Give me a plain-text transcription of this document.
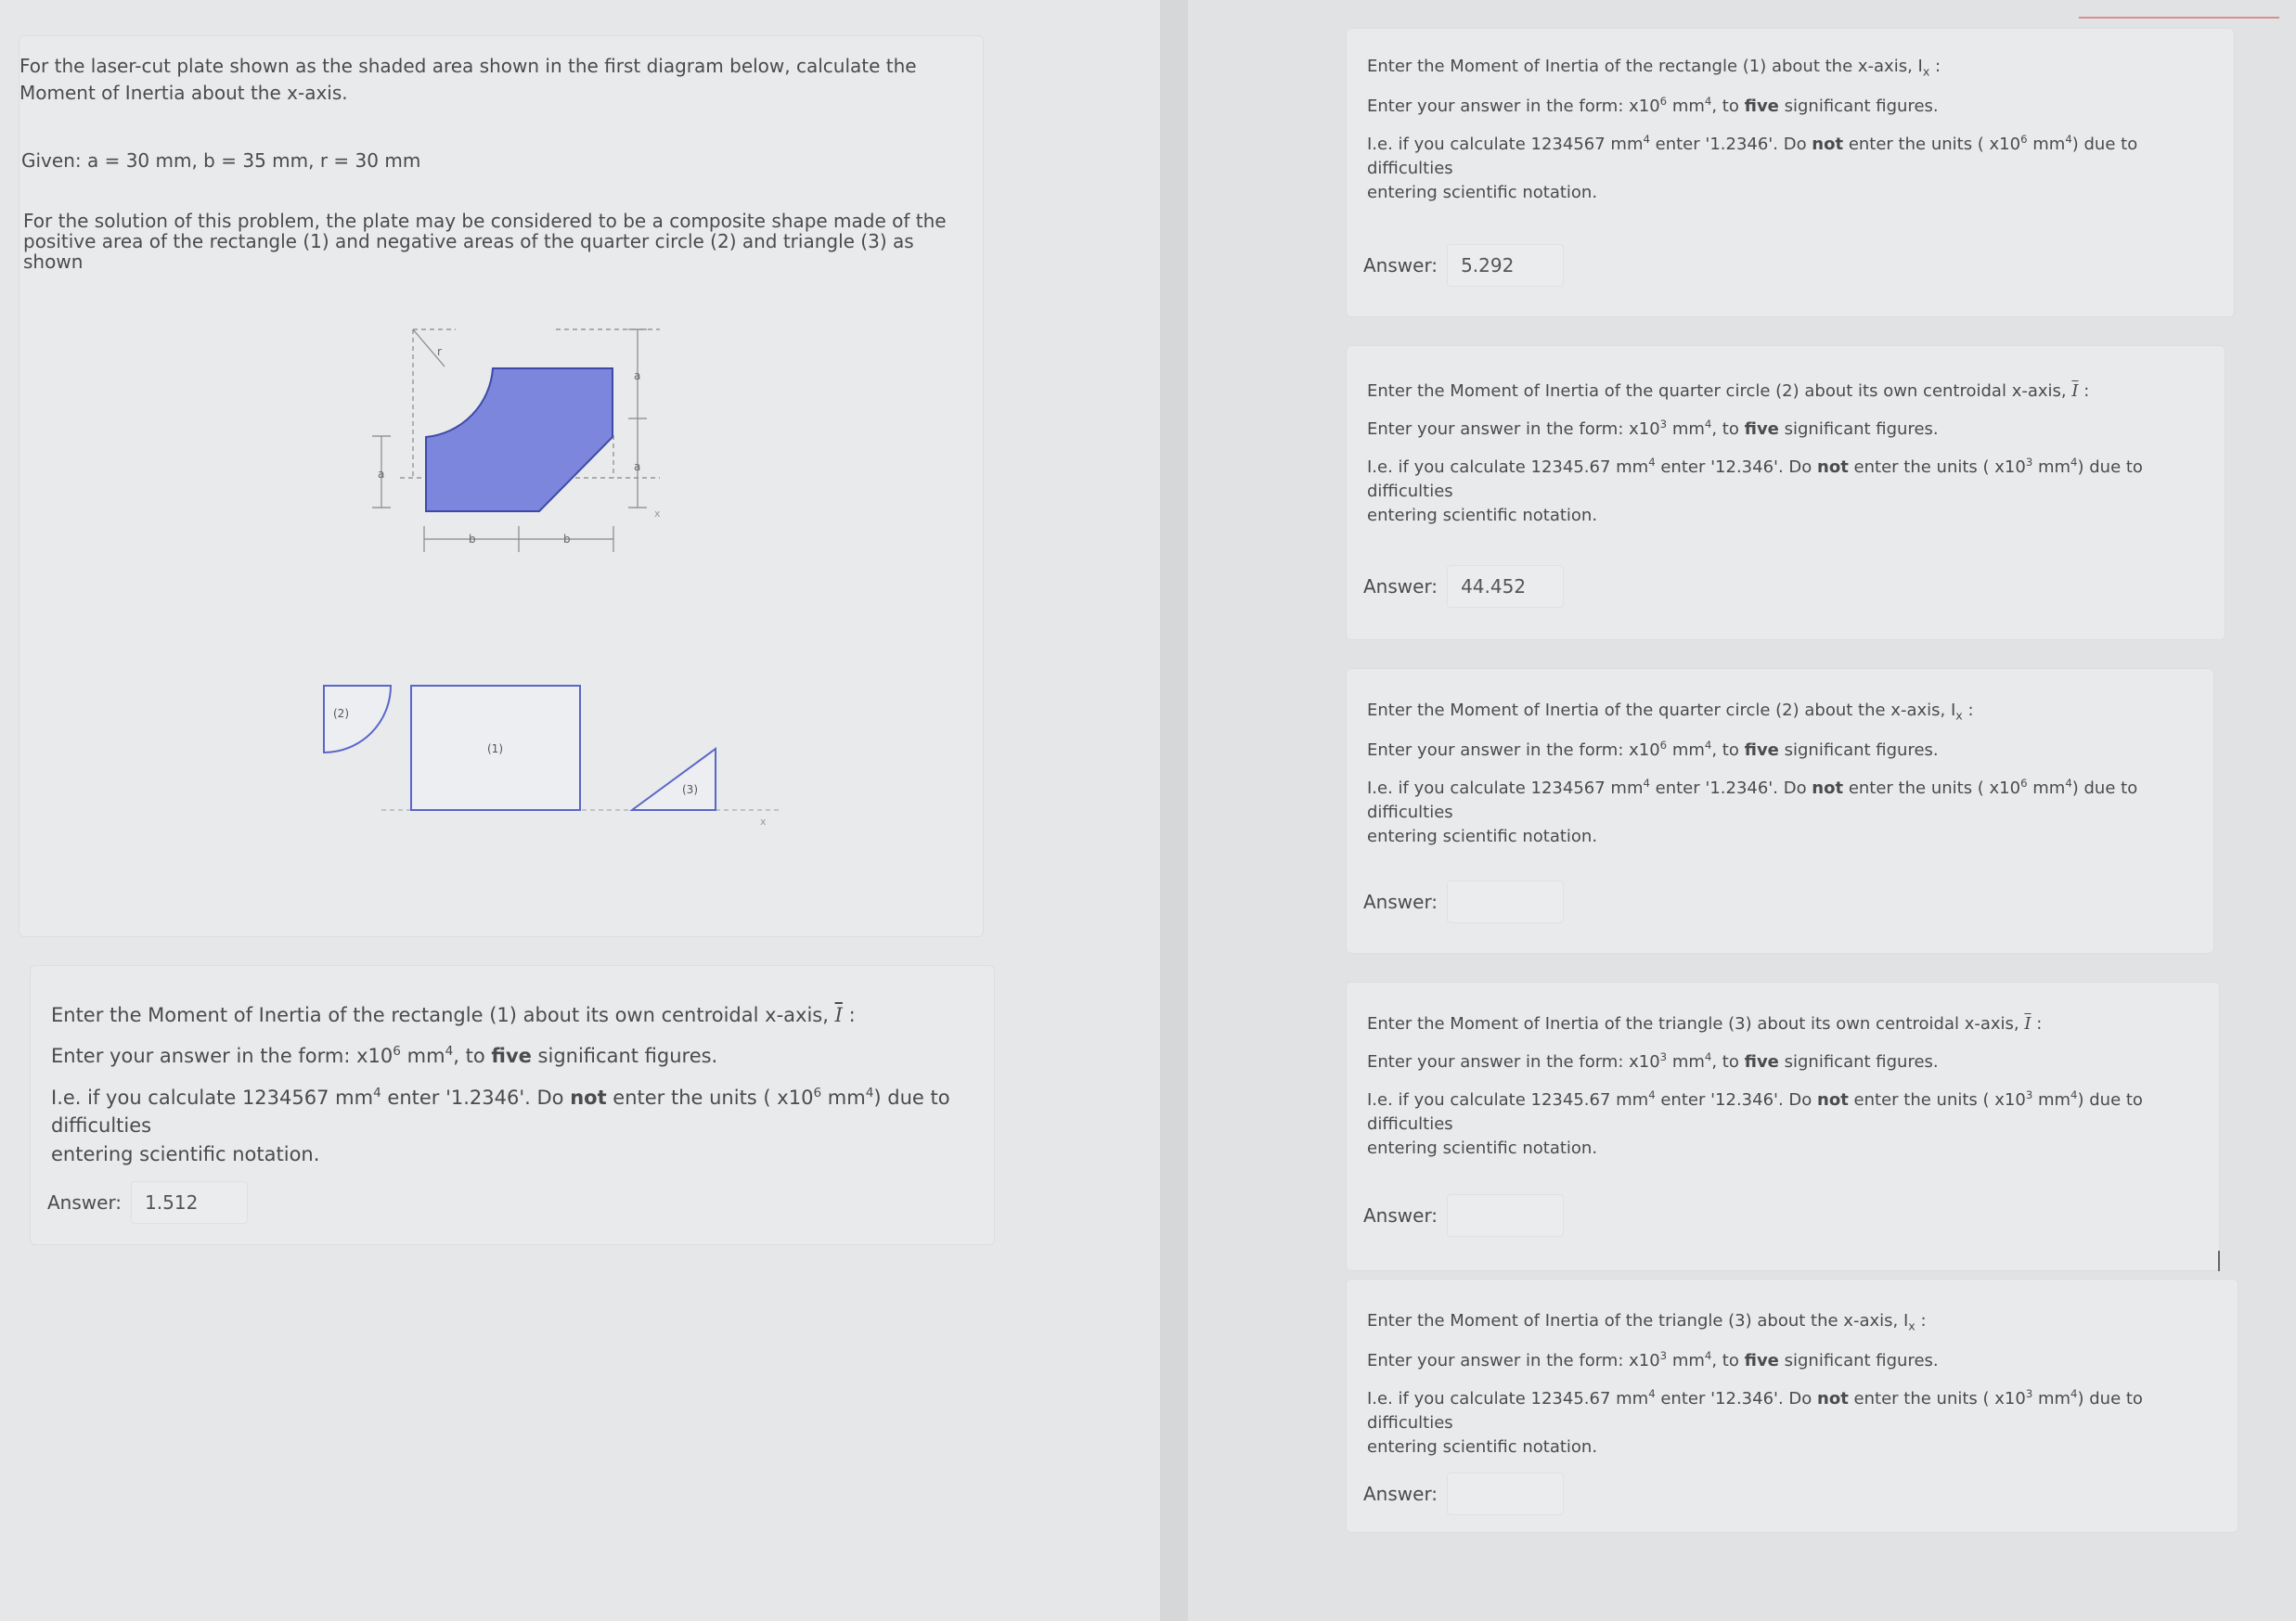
For the laser-cut plate shown as the shaded area shown in the first diagram below, calculate the
Moment of Inertia about the x-axis.
Given: a = 30 mm, b = 35 mm, r = 30 mm
For the solution of this problem, the plate may be considered to be a composite shape made of the
positive area of the rectangle (1) and negative areas of the quarter circle (2) and triangle (3) as
shown
r
a
a
a
b	b
x
(2)
(1)
(3)
x

Enter the Moment of Inertia of the rectangle (1) about its own centroidal x-axis, $\overline{I}$ :

Enter your answer in the form: $x10^6$ $mm^4$, to five significant figures.

I.e. if you calculate 1234567 $mm^4$ enter '1.2346'. Do not enter the units ( $x10^6$ $mm^4$) due to difficulties
entering scientific notation.

Answer:	1.512

Enter the Moment of Inertia of the rectangle (1) about the x-axis, $I_x$ :

Enter your answer in the form: $x10^6$ $mm^4$, to five significant figures.

I.e. if you calculate 1234567 $mm^4$ enter '1.2346'. Do not enter the units ( $x10^6$ $mm^4$) due to difficulties
entering scientific notation.

Answer:	5.292

Enter the Moment of Inertia of the quarter circle (2) about its own centroidal x-axis, $\overline{I}$ :

Enter your answer in the form: $x10^3$ $mm^4$, to five significant figures.

I.e. if you calculate 12345.67 $mm^4$ enter '12.346'. Do not enter the units ( $x10^3$ $mm^4$) due to difficulties
entering scientific notation.

Answer:	44.452

Enter the Moment of Inertia of the quarter circle (2) about the x-axis, $I_x$ :

Enter your answer in the form: $x10^6$ $mm^4$, to five significant figures.

I.e. if you calculate 1234567 $mm^4$ enter '1.2346'. Do not enter the units ( $x10^6$ $mm^4$) due to difficulties
entering scientific notation.

Answer:

Enter the Moment of Inertia of the triangle (3) about its own centroidal x-axis, $\overline{I}$ :

Enter your answer in the form: $x10^3$ $mm^4$, to five significant figures.

I.e. if you calculate 12345.67 $mm^4$ enter '12.346'. Do not enter the units ( $x10^3$ $mm^4$) due to difficulties
entering scientific notation.

Answer:

Enter the Moment of Inertia of the triangle (3) about the x-axis, $I_x$ :

Enter your answer in the form: $x10^3$ $mm^4$, to five significant figures.

I.e. if you calculate 12345.67 $mm^4$ enter '12.346'. Do not enter the units ( $x10^3$ $mm^4$) due to difficulties
entering scientific notation.

Answer:
